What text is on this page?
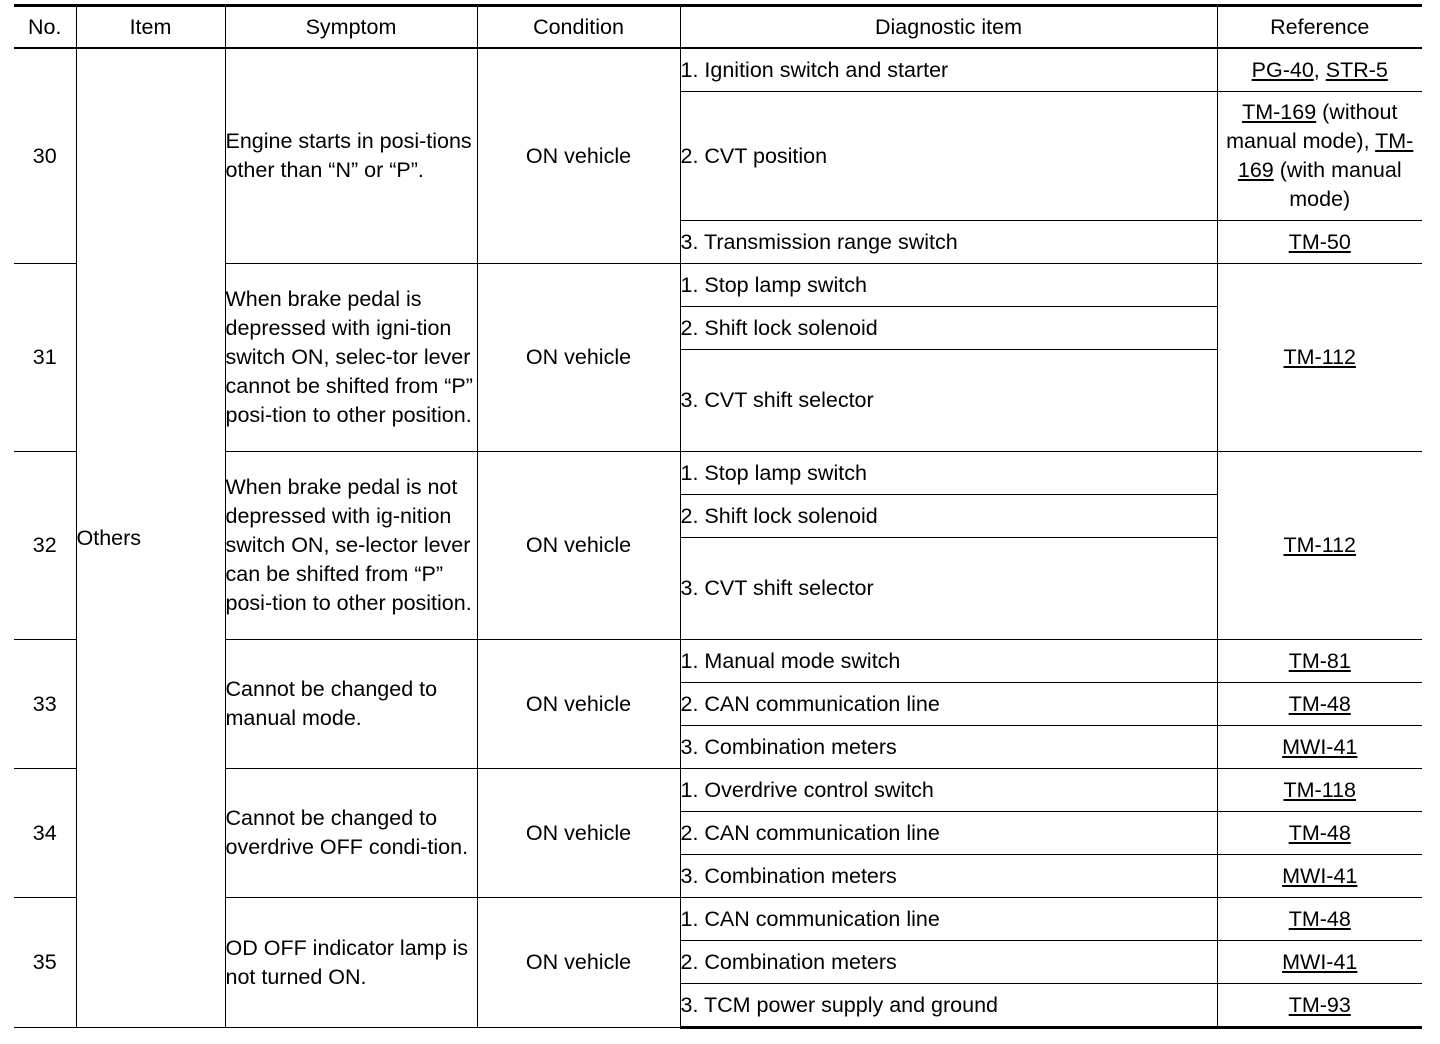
No.	Item	Symptom	Condition	Diagnostic item	Reference
30	Others	Engine starts in posi-tions other than “N” or “P”.	ON vehicle	1. Ignition switch and starter	PG-40, STR-5
				2. CVT position	TM-169 (without manual mode), TM-169 (with manual mode)
				3. Transmission range switch	TM-50
31		When brake pedal is depressed with igni-tion switch ON, selec-tor lever cannot be shifted from “P” posi-tion to other position.	ON vehicle	1. Stop lamp switch	TM-112
				2. Shift lock solenoid	
				3. CVT shift selector	
32		When brake pedal is not depressed with ig-nition switch ON, se-lector lever can be shifted from “P” posi-tion to other position.	ON vehicle	1. Stop lamp switch	TM-112
				2. Shift lock solenoid	
				3. CVT shift selector	
33		Cannot be changed to manual mode.	ON vehicle	1. Manual mode switch	TM-81
				2. CAN communication line	TM-48
				3. Combination meters	MWI-41
34		Cannot be changed to overdrive OFF condi-tion.	ON vehicle	1. Overdrive control switch	TM-118
				2. CAN communication line	TM-48
				3. Combination meters	MWI-41
35		OD OFF indicator lamp is not turned ON.	ON vehicle	1. CAN communication line	TM-48
				2. Combination meters	MWI-41
				3. TCM power supply and ground	TM-93
